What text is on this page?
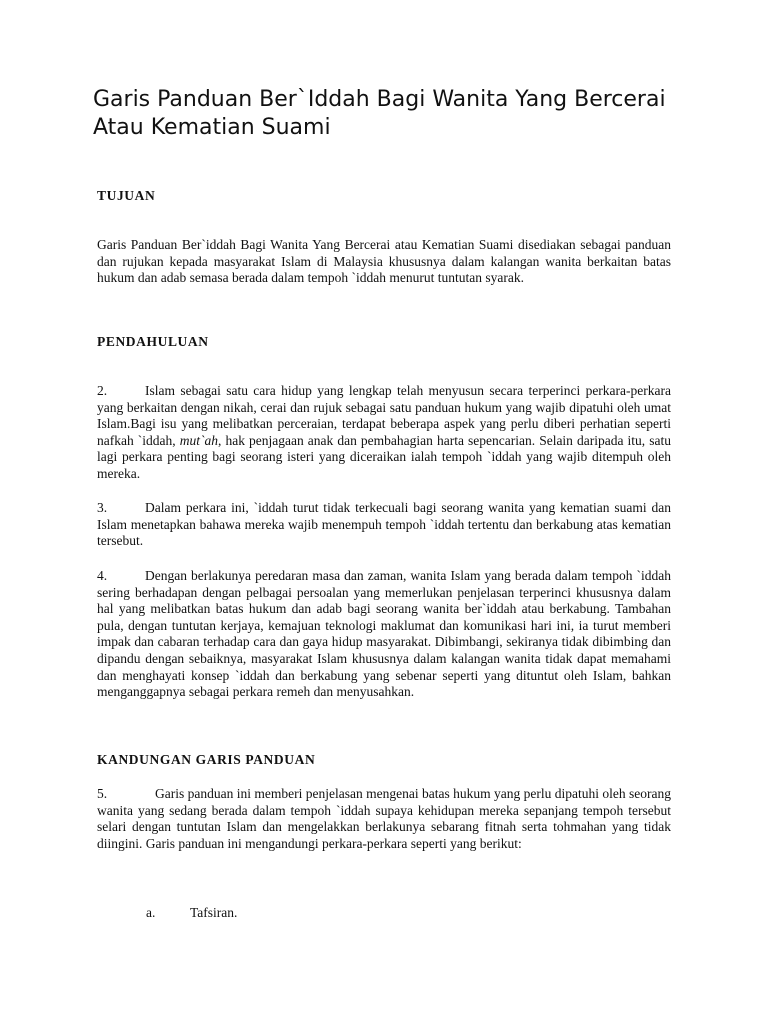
Garis Panduan Ber`Iddah Bagi Wanita Yang Bercerai Atau Kematian Suami
TUJUAN

Garis Panduan Ber`iddah Bagi Wanita Yang Bercerai atau Kematian Suami disediakan sebagai panduan dan rujukan kepada masyarakat Islam di Malaysia khususnya dalam kalangan wanita berkaitan batas hukum dan adab semasa berada dalam tempoh `iddah menurut tuntutan syarak.

PENDAHULUAN

2.	Islam sebagai satu cara hidup yang lengkap telah menyusun secara terperinci perkara-perkara yang berkaitan dengan nikah, cerai dan rujuk sebagai satu panduan hukum yang wajib dipatuhi oleh umat Islam.Bagi isu yang melibatkan perceraian, terdapat beberapa aspek yang perlu diberi perhatian seperti nafkah `iddah, mut`ah, hak penjagaan anak dan pembahagian harta sepencarian. Selain daripada itu, satu lagi perkara penting bagi seorang isteri yang diceraikan ialah tempoh `iddah yang wajib ditempuh oleh mereka.

3.	Dalam perkara ini, `iddah turut tidak terkecuali bagi seorang wanita yang kematian suami dan Islam menetapkan bahawa mereka wajib menempuh tempoh `iddah tertentu dan berkabung atas kematian tersebut.

4.	Dengan berlakunya peredaran masa dan zaman, wanita Islam yang berada dalam tempoh `iddah sering berhadapan dengan pelbagai persoalan yang memerlukan penjelasan terperinci khususnya dalam hal yang melibatkan batas hukum dan adab bagi seorang wanita ber`iddah atau berkabung. Tambahan pula, dengan tuntutan kerjaya, kemajuan teknologi maklumat dan komunikasi hari ini, ia turut memberi impak dan cabaran terhadap cara dan gaya hidup masyarakat. Dibimbangi, sekiranya tidak dibimbing dan dipandu dengan sebaiknya, masyarakat Islam khususnya dalam kalangan wanita tidak dapat memahami dan menghayati konsep `iddah dan berkabung yang sebenar seperti yang dituntut oleh Islam, bahkan menganggapnya sebagai perkara remeh dan menyusahkan.

KANDUNGAN GARIS PANDUAN

5.	Garis panduan ini memberi penjelasan mengenai batas hukum yang perlu dipatuhi oleh seorang wanita yang sedang berada dalam tempoh `iddah supaya kehidupan mereka sepanjang tempoh tersebut selari dengan tuntutan Islam dan mengelakkan berlakunya sebarang fitnah serta tohmahan yang tidak diingini. Garis panduan ini mengandungi perkara-perkara seperti yang berikut:

a.	Tafsiran.
